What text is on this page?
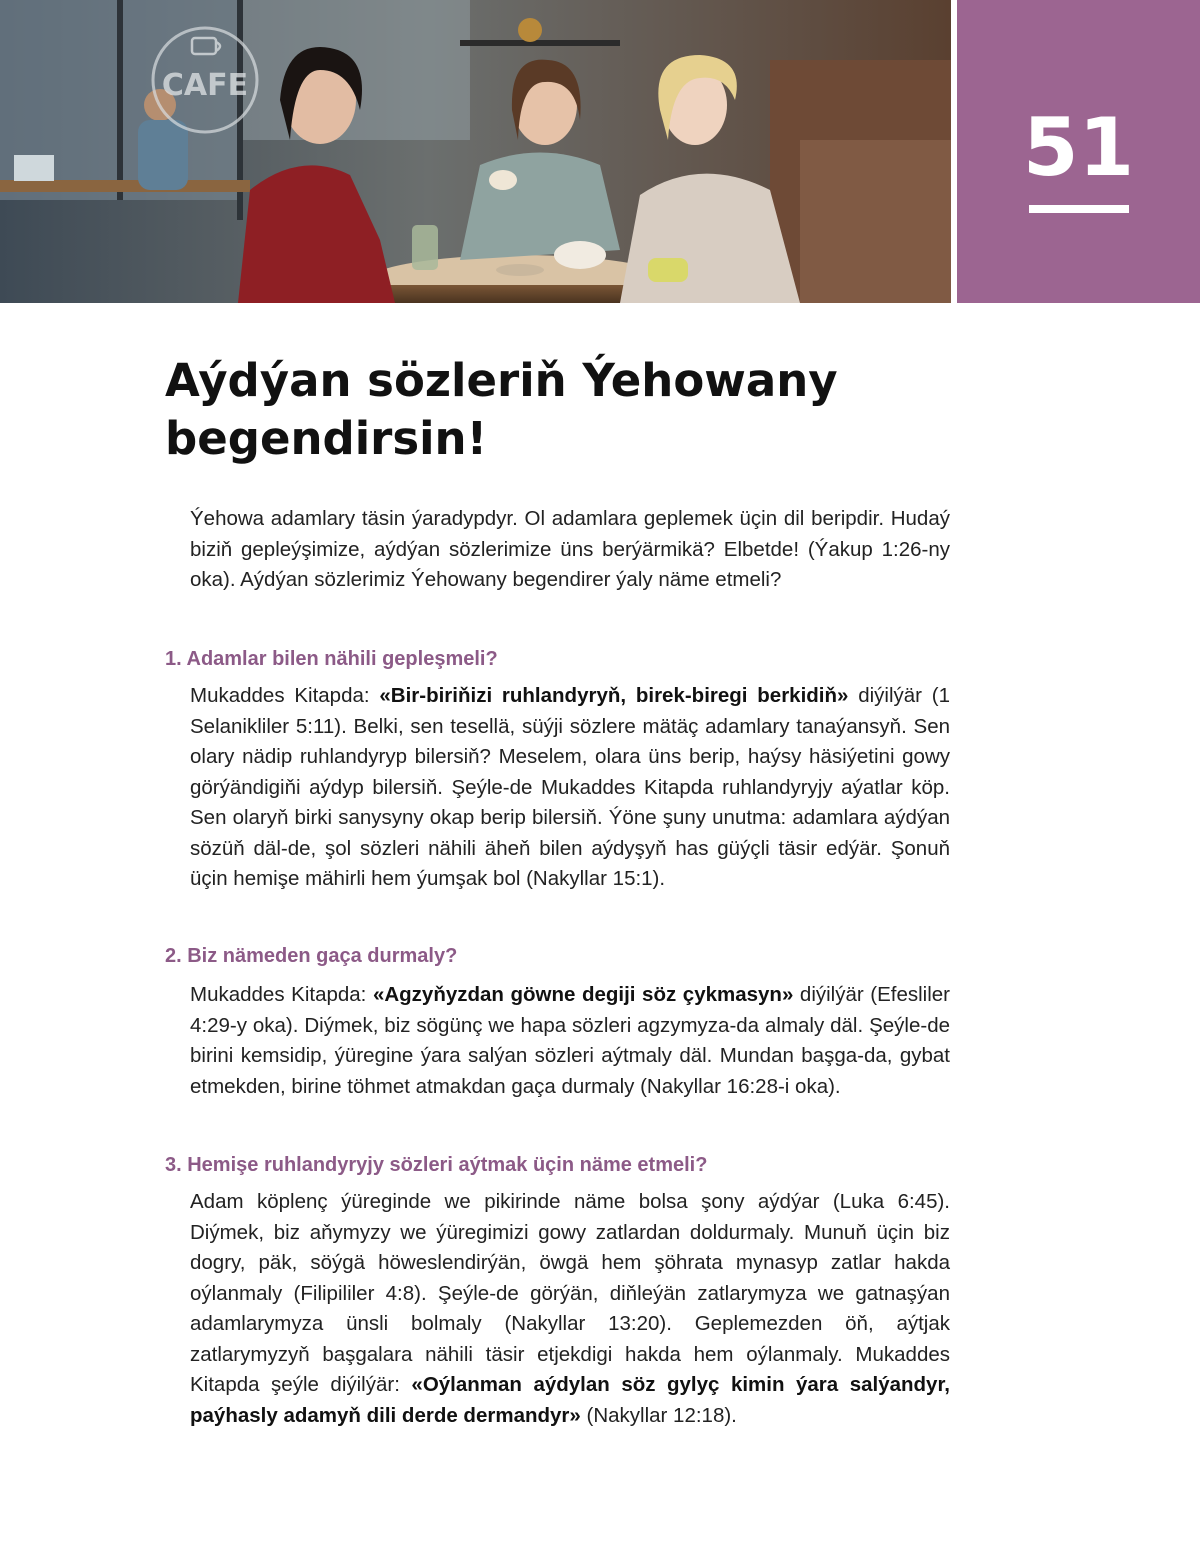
CAFE
51
Aýdýan sözleriň Ýehowany begendirsin!

Ýehowa adamlary täsin ýaradypdyr. Ol adamlara geplemek üçin dil beripdir. Hudaý biziň gepleýşimize, aýdýan sözlerimize üns berýärmikä? Elbetde! (Ýakup 1:26-ny oka). Aýdýan sözlerimiz Ýehowany begendirer ýaly näme etmeli?

1. Adamlar bilen nähili gepleşmeli?

Mukaddes Kitapda: «Bir-biriňizi ruhlandyryň, birek-biregi berkidiň» diýilýär (1 Selanikliler 5:11). Belki, sen tesellä, süýji sözlere mätäç adamlary tanaýansyň. Sen olary nädip ruhlandyryp bilersiň? Meselem, olara üns berip, haýsy häsiýetini gowy görýändigiňi aýdyp bilersiň. Şeýle-de Mukaddes Kitapda ruhlandyryjy aýatlar köp. Sen olaryň birki sanysyny okap berip bilersiň. Ýöne şuny unutma: adamlara aýdýan sözüň däl-de, şol sözleri nähili äheň bilen aýdyşyň has güýçli täsir edýär. Şonuň üçin hemişe mähirli hem ýumşak bol (Nakyllar 15:1).

2. Biz nämeden gaça durmaly?

Mukaddes Kitapda: «Agzyňyzdan göwne degiji söz çykmasyn» diýilýär (Efesliler 4:29-y oka). Diýmek, biz sögünç we hapa sözleri agzymyza-da almaly däl. Şeýle-de birini kemsidip, ýüregine ýara salýan sözleri aýtmaly däl. Mundan başga-da, gybat etmekden, birine töhmet atmakdan gaça durmaly (Nakyllar 16:28-i oka).

3. Hemişe ruhlandyryjy sözleri aýtmak üçin näme etmeli?

Adam köplenç ýüreginde we pikirinde näme bolsa şony aýdýar (Luka 6:45). Diýmek, biz aňymyzy we ýüregimizi gowy zatlardan doldurmaly. Munuň üçin biz dogry, päk, söýgä höweslendirýän, öwgä hem şöhrata mynasyp zatlar hakda oýlanmaly (Filipililer 4:8). Şeýle-de görýän, diňleýän zatlarymyza we gatnaşýan adamlarymyza ünsli bolmaly (Nakyllar 13:20). Geplemezden öň, aýtjak zatlarymyzyň başgalara nähili täsir etjekdigi hakda hem oýlanmaly. Mukaddes Kitapda şeýle diýilýär: «Oýlanman aýdylan söz gylyç kimin ýara salýandyr, paýhasly adamyň dili derde dermandyr» (Nakyllar 12:18).
